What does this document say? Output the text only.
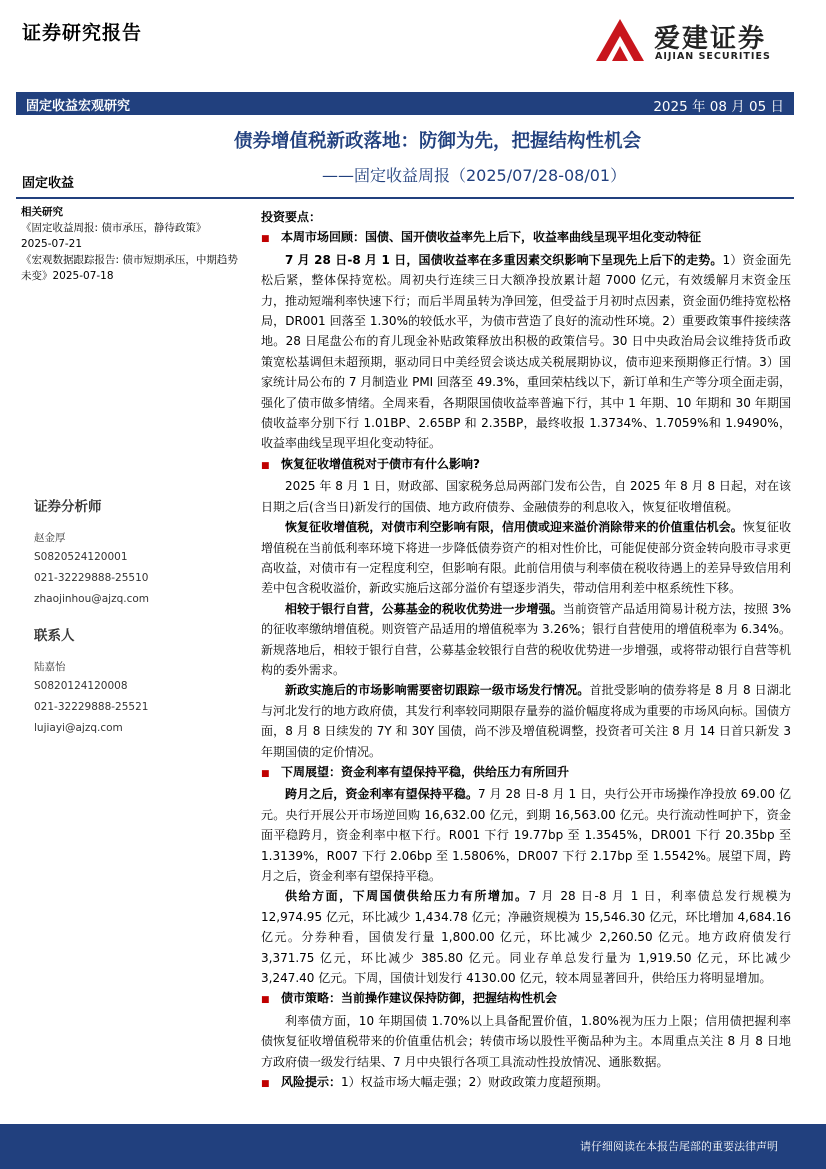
证券研究报告	爱建证券
AIJIAN SECURITIES
固定收益宏观研究	2025 年 08 月 05 日
债券增值税新政落地：防御为先，把握结构性机会
——固定收益周报（2025/07/28-08/01）
固定收益
相关研究
《固定收益周报: 债市承压，静待政策》
2025-07-21
《宏观数据跟踪报告: 债市短期承压，中期趋势未变》2025-07-18
证券分析师
赵金厚
S0820524120001
021-32229888-25510
zhaojinhou@ajzq.com
联系人
陆嘉怡
S0820124120008
021-32229888-25521
lujiayi@ajzq.com

投资要点：

■ 本周市场回顾：国债、国开债收益率先上后下，收益率曲线呈现平坦化变动特征

7 月 28 日-8 月 1 日，国债收益率在多重因素交织影响下呈现先上后下的走势。1）资金面先松后紧，整体保持宽松。周初央行连续三日大额净投放累计超 7000 亿元，有效缓解月末资金压力，推动短端利率快速下行；而后半周虽转为净回笼，但受益于月初时点因素，资金面仍维持宽松格局，DR001 回落至 1.30%的较低水平，为债市营造了良好的流动性环境。2）重要政策事件接续落地。28 日尾盘公布的育儿现金补贴政策释放出积极的政策信号。30 日中央政治局会议维持货币政策宽松基调但未超预期，驱动同日中美经贸会谈达成关税展期协议，债市迎来预期修正行情。3）国家统计局公布的 7 月制造业 PMI 回落至 49.3%，重回荣枯线以下，新订单和生产等分项全面走弱，强化了债市做多情绪。全周来看，各期限国债收益率普遍下行，其中 1 年期、10 年期和 30 年期国债收益率分别下行 1.01BP、2.65BP 和 2.35BP，最终收报 1.3734%、1.7059%和 1.9490%，收益率曲线呈现平坦化变动特征。

■ 恢复征收增值税对于债市有什么影响?

2025 年 8 月 1 日，财政部、国家税务总局两部门发布公告，自 2025 年 8 月 8 日起，对在该日期之后(含当日)新发行的国债、地方政府债券、金融债券的利息收入，恢复征收增值税。

恢复征收增值税，对债市利空影响有限，信用债或迎来溢价消除带来的价值重估机会。恢复征收增值税在当前低利率环境下将进一步降低债券资产的相对性价比，可能促使部分资金转向股市寻求更高收益，对债市有一定程度利空，但影响有限。此前信用债与利率债在税收待遇上的差异导致信用利差中包含税收溢价，新政实施后这部分溢价有望逐步消失，带动信用利差中枢系统性下移。

相较于银行自营，公募基金的税收优势进一步增强。当前资管产品适用简易计税方法，按照 3%的征收率缴纳增值税。则资管产品适用的增值税率为 3.26%；银行自营使用的增值税率为 6.34%。新规落地后，相较于银行自营，公募基金较银行自营的税收优势进一步增强，或将带动银行自营等机构的委外需求。

新政实施后的市场影响需要密切跟踪一级市场发行情况。首批受影响的债券将是 8 月 8 日湖北与河北发行的地方政府债，其发行利率较同期限存量券的溢价幅度将成为重要的市场风向标。国债方面，8 月 8 日续发的 7Y 和 30Y 国债，尚不涉及增值税调整，投资者可关注 8 月 14 日首只新发 3 年期国债的定价情况。

■ 下周展望：资金利率有望保持平稳，供给压力有所回升

跨月之后，资金利率有望保持平稳。7 月 28 日-8 月 1 日，央行公开市场操作净投放 69.00 亿元。央行开展公开市场逆回购 16,632.00 亿元，到期 16,563.00 亿元。央行流动性呵护下，资金面平稳跨月，资金利率中枢下行。R001 下行 19.77bp 至 1.3545%，DR001 下行 20.35bp 至 1.3139%，R007 下行 2.06bp 至 1.5806%，DR007 下行 2.17bp 至 1.5542%。展望下周，跨月之后，资金利率有望保持平稳。

供给方面，下周国债供给压力有所增加。7 月 28 日-8 月 1 日，利率债总发行规模为 12,974.95 亿元，环比减少 1,434.78 亿元；净融资规模为 15,546.30 亿元，环比增加 4,684.16 亿元。分券种看，国债发行量 1,800.00 亿元，环比减少 2,260.50 亿元。地方政府债发行 3,371.75 亿元，环比减少 385.80 亿元。同业存单总发行量为 1,919.50 亿元，环比减少 3,247.40 亿元。下周，国债计划发行 4130.00 亿元，较本周显著回升，供给压力将明显增加。

■ 债市策略：当前操作建议保持防御，把握结构性机会

利率债方面，10 年期国债 1.70%以上具备配置价值，1.80%视为压力上限；信用债把握利率债恢复征收增值税带来的价值重估机会；转债市场以股性平衡品种为主。本周重点关注 8 月 8 日地方政府债一级发行结果、7 月中央银行各项工具流动性投放情况、通胀数据。

■ 风险提示：1）权益市场大幅走强；2）财政政策力度超预期。

请仔细阅读在本报告尾部的重要法律声明
